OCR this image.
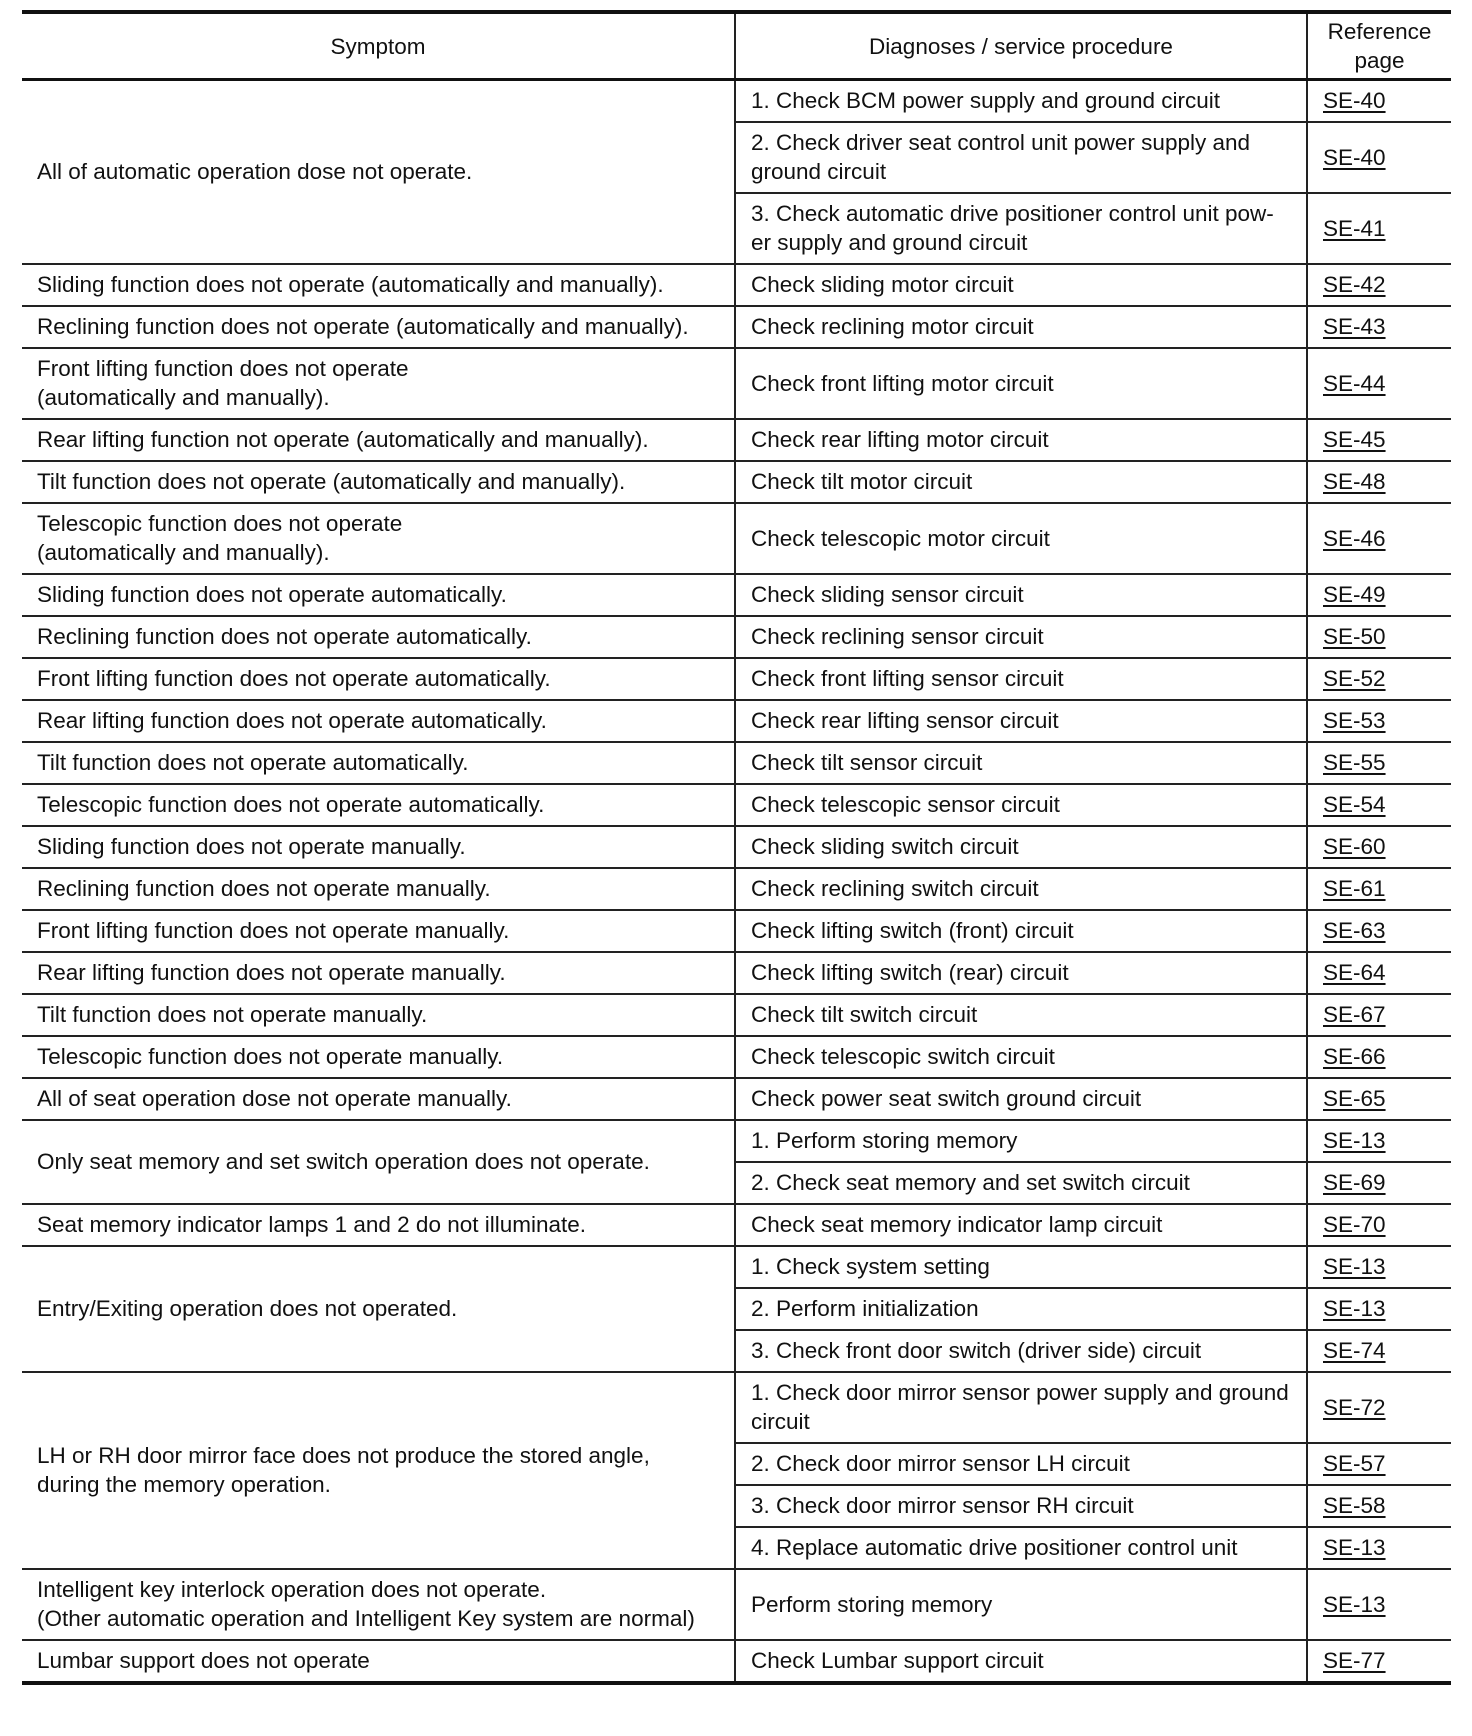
Symptom	Diagnoses / service procedure	Reference
page
All of automatic operation dose not operate.	1. Check BCM power supply and ground circuit	SE-40
	2. Check driver seat control unit power supply and ground circuit	SE-40
	3. Check automatic drive positioner control unit pow- er supply and ground circuit	SE-41
Sliding function does not operate (automatically and manually).	Check sliding motor circuit	SE-42
Reclining function does not operate (automatically and manually).	Check reclining motor circuit	SE-43
Front lifting function does not operate
(automatically and manually).	Check front lifting motor circuit	SE-44
Rear lifting function not operate (automatically and manually).	Check rear lifting motor circuit	SE-45
Tilt function does not operate (automatically and manually).	Check tilt motor circuit	SE-48
Telescopic function does not operate
(automatically and manually).	Check telescopic motor circuit	SE-46
Sliding function does not operate automatically.	Check sliding sensor circuit	SE-49
Reclining function does not operate automatically.	Check reclining sensor circuit	SE-50
Front lifting function does not operate automatically.	Check front lifting sensor circuit	SE-52
Rear lifting function does not operate automatically.	Check rear lifting sensor circuit	SE-53
Tilt function does not operate automatically.	Check tilt sensor circuit	SE-55
Telescopic function does not operate automatically.	Check telescopic sensor circuit	SE-54
Sliding function does not operate manually.	Check sliding switch circuit	SE-60
Reclining function does not operate manually.	Check reclining switch circuit	SE-61
Front lifting function does not operate manually.	Check lifting switch (front) circuit	SE-63
Rear lifting function does not operate manually.	Check lifting switch (rear) circuit	SE-64
Tilt function does not operate manually.	Check tilt switch circuit	SE-67
Telescopic function does not operate manually.	Check telescopic switch circuit	SE-66
All of seat operation dose not operate manually.	Check power seat switch ground circuit	SE-65
Only seat memory and set switch operation does not operate.	1. Perform storing memory	SE-13
	2. Check seat memory and set switch circuit	SE-69
Seat memory indicator lamps 1 and 2 do not illuminate.	Check seat memory indicator lamp circuit	SE-70
Entry/Exiting operation does not operated.	1. Check system setting	SE-13
	2. Perform initialization	SE-13
	3. Check front door switch (driver side) circuit	SE-74
LH or RH door mirror face does not produce the stored angle,
during the memory operation.	1. Check door mirror sensor power supply and ground circuit	SE-72
	2. Check door mirror sensor LH circuit	SE-57
	3. Check door mirror sensor RH circuit	SE-58
	4. Replace automatic drive positioner control unit	SE-13
Intelligent key interlock operation does not operate.
(Other automatic operation and Intelligent Key system are normal)	Perform storing memory	SE-13
Lumbar support does not operate	Check Lumbar support circuit	SE-77
